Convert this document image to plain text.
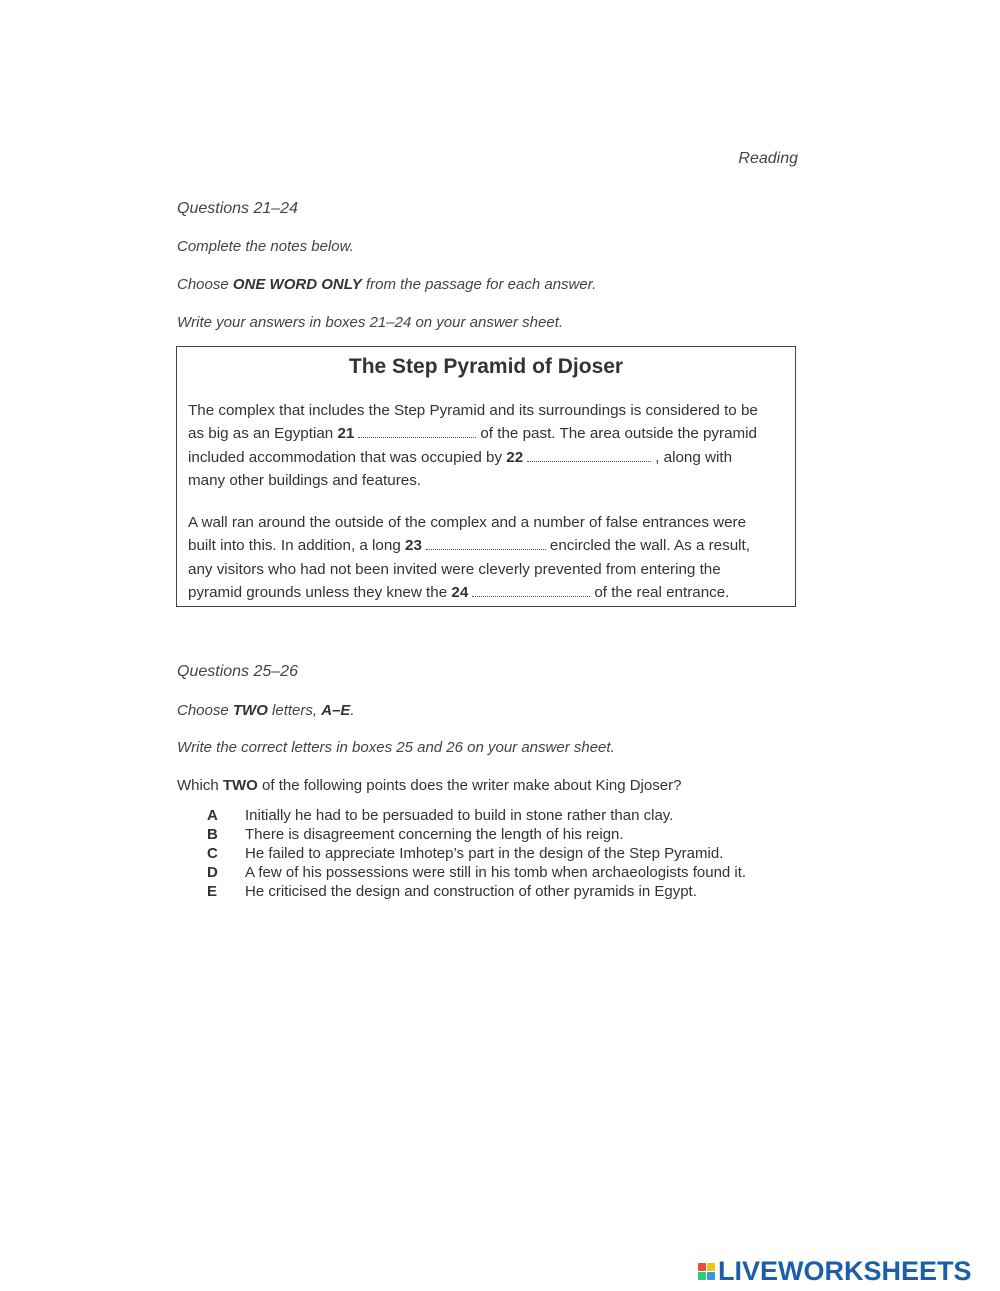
Reading
Questions 21–24
Complete the notes below.
Choose ONE WORD ONLY from the passage for each answer.
Write your answers in boxes 21–24 on your answer sheet.
The Step Pyramid of Djoser
The complex that includes the Step Pyramid and its surroundings is considered to be
as big as an Egyptian 21	of the past. The area outside the pyramid
included accommodation that was occupied by 22	, along with
many other buildings and features.
A wall ran around the outside of the complex and a number of false entrances were
built into this. In addition, a long 23	encircled the wall. As a result,
any visitors who had not been invited were cleverly prevented from entering the
pyramid grounds unless they knew the 24	of the real entrance.
Questions 25–26
Choose TWO letters, A–E.
Write the correct letters in boxes 25 and 26 on your answer sheet.
Which TWO of the following points does the writer make about King Djoser?
A	Initially he had to be persuaded to build in stone rather than clay.
B	There is disagreement concerning the length of his reign.
C	He failed to appreciate Imhotep’s part in the design of the Step Pyramid.
D	A few of his possessions were still in his tomb when archaeologists found it.
E	He criticised the design and construction of other pyramids in Egypt.
LIVEWORKSHEETS
